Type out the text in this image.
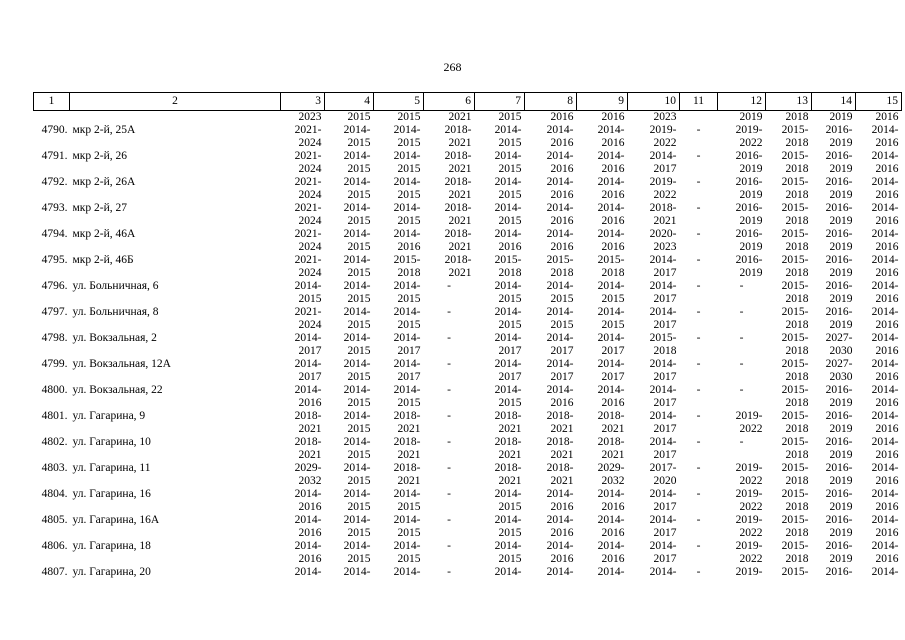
268
1	2	3	4	5	6	7	8	9	10	11	12	13	14	15
		2023	2015	2015	2021	2015	2016	2016	2023		2019	2018	2019	2016
4790.	мкр 2-й, 25А	2021-	2014-	2014-	2018-	2014-	2014-	2014-	2019-	-	2019-	2015-	2016-	2014-
		2024	2015	2015	2021	2015	2016	2016	2022		2022	2018	2019	2016
4791.	мкр 2-й, 26	2021-	2014-	2014-	2018-	2014-	2014-	2014-	2014-	-	2016-	2015-	2016-	2014-
		2024	2015	2015	2021	2015	2016	2016	2017		2019	2018	2019	2016
4792.	мкр 2-й, 26А	2021-	2014-	2014-	2018-	2014-	2014-	2014-	2019-	-	2016-	2015-	2016-	2014-
		2024	2015	2015	2021	2015	2016	2016	2022		2019	2018	2019	2016
4793.	мкр 2-й, 27	2021-	2014-	2014-	2018-	2014-	2014-	2014-	2018-	-	2016-	2015-	2016-	2014-
		2024	2015	2015	2021	2015	2016	2016	2021		2019	2018	2019	2016
4794.	мкр 2-й, 46А	2021-	2014-	2014-	2018-	2014-	2014-	2014-	2020-	-	2016-	2015-	2016-	2014-
		2024	2015	2016	2021	2016	2016	2016	2023		2019	2018	2019	2016
4795.	мкр 2-й, 46Б	2021-	2014-	2015-	2018-	2015-	2015-	2015-	2014-	-	2016-	2015-	2016-	2014-
		2024	2015	2018	2021	2018	2018	2018	2017		2019	2018	2019	2016
4796.	ул. Больничная, 6	2014-	2014-	2014-	-	2014-	2014-	2014-	2014-	-	-	2015-	2016-	2014-
		2015	2015	2015		2015	2015	2015	2017			2018	2019	2016
4797.	ул. Больничная, 8	2021-	2014-	2014-	-	2014-	2014-	2014-	2014-	-	-	2015-	2016-	2014-
		2024	2015	2015		2015	2015	2015	2017			2018	2019	2016
4798.	ул. Вокзальная, 2	2014-	2014-	2014-	-	2014-	2014-	2014-	2015-	-	-	2015-	2027-	2014-
		2017	2015	2017		2017	2017	2017	2018			2018	2030	2016
4799.	ул. Вокзальная, 12А	2014-	2014-	2014-	-	2014-	2014-	2014-	2014-	-	-	2015-	2027-	2014-
		2017	2015	2017		2017	2017	2017	2017			2018	2030	2016
4800.	ул. Вокзальная, 22	2014-	2014-	2014-	-	2014-	2014-	2014-	2014-	-	-	2015-	2016-	2014-
		2016	2015	2015		2015	2016	2016	2017			2018	2019	2016
4801.	ул. Гагарина, 9	2018-	2014-	2018-	-	2018-	2018-	2018-	2014-	-	2019-	2015-	2016-	2014-
		2021	2015	2021		2021	2021	2021	2017		2022	2018	2019	2016
4802.	ул. Гагарина, 10	2018-	2014-	2018-	-	2018-	2018-	2018-	2014-	-	-	2015-	2016-	2014-
		2021	2015	2021		2021	2021	2021	2017			2018	2019	2016
4803.	ул. Гагарина, 11	2029-	2014-	2018-	-	2018-	2018-	2029-	2017-	-	2019-	2015-	2016-	2014-
		2032	2015	2021		2021	2021	2032	2020		2022	2018	2019	2016
4804.	ул. Гагарина, 16	2014-	2014-	2014-	-	2014-	2014-	2014-	2014-	-	2019-	2015-	2016-	2014-
		2016	2015	2015		2015	2016	2016	2017		2022	2018	2019	2016
4805.	ул. Гагарина, 16А	2014-	2014-	2014-	-	2014-	2014-	2014-	2014-	-	2019-	2015-	2016-	2014-
		2016	2015	2015		2015	2016	2016	2017		2022	2018	2019	2016
4806.	ул. Гагарина, 18	2014-	2014-	2014-	-	2014-	2014-	2014-	2014-	-	2019-	2015-	2016-	2014-
		2016	2015	2015		2015	2016	2016	2017		2022	2018	2019	2016
4807.	ул. Гагарина, 20	2014-	2014-	2014-	-	2014-	2014-	2014-	2014-	-	2019-	2015-	2016-	2014-
